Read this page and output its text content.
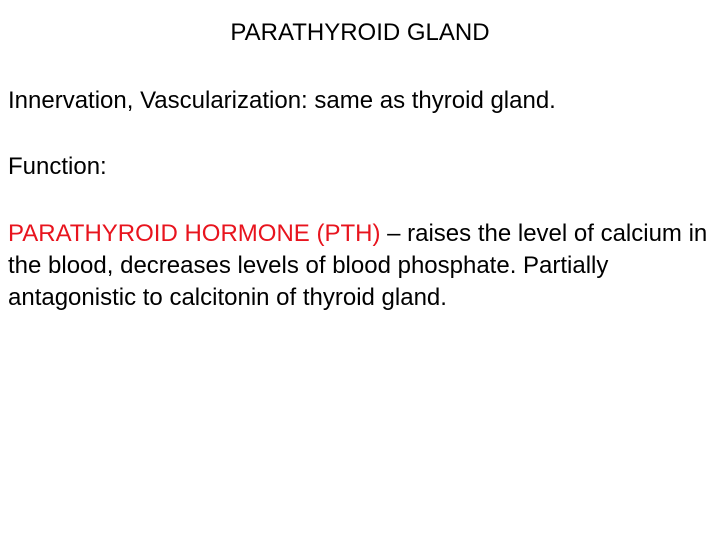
PARATHYROID GLAND
Innervation, Vascularization: same as thyroid gland.
Function:
PARATHYROID HORMONE (PTH) – raises the level of calcium in the blood, decreases levels of blood phosphate. Partially antagonistic to calcitonin of thyroid gland.
